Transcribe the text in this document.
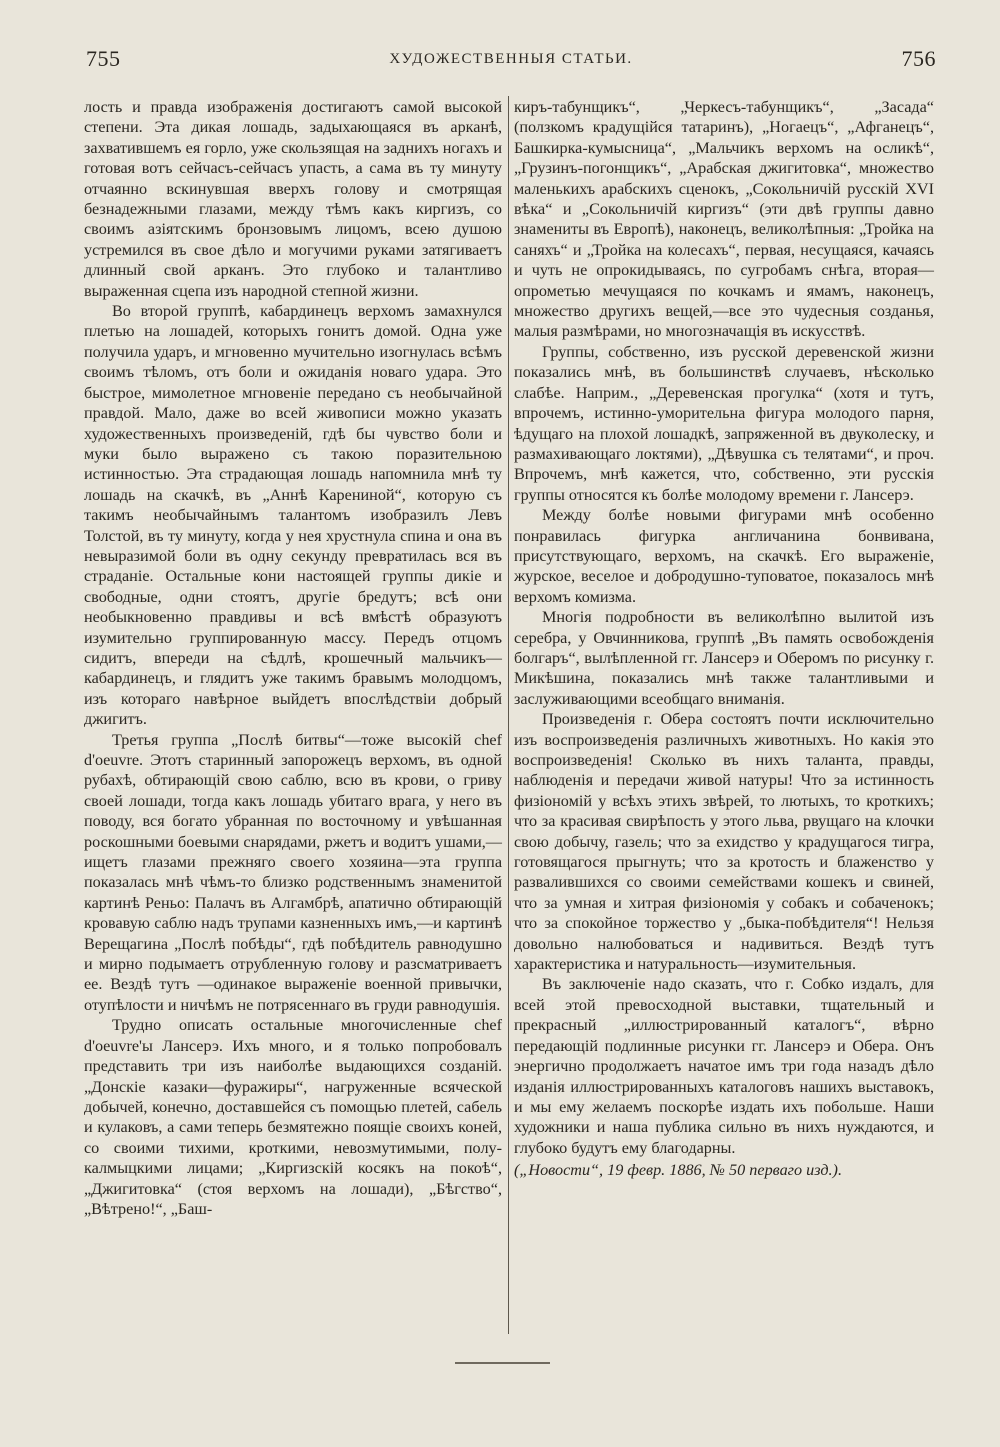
755	ХУДОЖЕСТВЕННЫЯ СТАТЬИ.	756

лость и правда изображенія достигаютъ самой высокой степени. Эта дикая лошадь, задыхающаяся въ арканѣ, захватившемъ ея горло, уже скользящая на заднихъ ногахъ и готовая вотъ сейчасъ-сейчасъ упасть, а сама въ ту минуту отчаянно вскинувшая вверхъ голову и смотрящая безнадежными глазами, между тѣмъ какъ киргизъ, со своимъ азіятскимъ бронзовымъ лицомъ, всею душою устремился въ свое дѣло и могучими руками затягиваетъ длинный свой арканъ. Это глубоко и талантливо выраженная сцепа изъ народной степной жизни.

Во второй группѣ, кабардинецъ верхомъ замахнулся плетью на лошадей, которыхъ гонитъ домой. Одна уже получила ударъ, и мгновенно мучительно изогнулась всѣмъ своимъ тѣломъ, отъ боли и ожиданія новаго удара. Это быстрое, мимолетное мгновеніе передано съ необычайной правдой. Мало, даже во всей живописи можно указать художественныхъ произведеній, гдѣ бы чувство боли и муки было выражено съ такою поразительною истинностью. Эта страдающая лошадь напомнила мнѣ ту лошадь на скачкѣ, въ „Аннѣ Карениной“, которую съ такимъ необычайнымъ талантомъ изобразилъ Левъ Толстой, въ ту минуту, когда у нея хрустнула спина и она въ невыразимой боли въ одну секунду превратилась вся въ страданіе. Остальные кони настоящей группы дикіе и свободные, одни стоятъ, другіе бредутъ; всѣ они необыкновенно правдивы и всѣ вмѣстѣ образуютъ изумительно группированную массу. Передъ отцомъ сидитъ, впереди на сѣдлѣ, крошечный мальчикъ—кабардинецъ, и глядитъ уже такимъ бравымъ молодцомъ, изъ котораго навѣрное выйдетъ впослѣдствіи добрый джигитъ.

Третья группа „Послѣ битвы“—тоже высокій chef d'oeuvre. Этотъ старинный запорожецъ верхомъ, въ одной рубахѣ, обтирающій свою саблю, всю въ крови, о гриву своей лошади, тогда какъ лошадь убитаго врага, у него въ поводу, вся богато убранная по восточному и увѣшанная роскошными боевыми снарядами, ржетъ и водитъ ушами,—ищетъ глазами прежняго своего хозяина—эта группа показалась мнѣ чѣмъ-то близко родственнымъ знаменитой картинѣ Реньо: Палачъ въ Алгамбрѣ, апатично обтирающій кровавую саблю надъ трупами казненныхъ имъ,—и картинѣ Верещагина „Послѣ побѣды“, гдѣ побѣдитель равнодушно и мирно подымаетъ отрубленную голову и разсматриваетъ ее. Вездѣ тутъ —одинакое выраженіе военной привычки, отупѣлости и ничѣмъ не потрясеннаго въ груди равнодушія.

Трудно описать остальные многочисленные chef d'oeuvre'ы Лансерэ. Ихъ много, и я только попробовалъ представить три изъ наиболѣе выдающихся созданій. „Донскіе казаки—фуражиры“, нагруженные всяческой добычей, конечно, доставшейся съ помощью плетей, сабель и кулаковъ, а сами теперь безмятежно поящіе своихъ коней, со своими тихими, кроткими, невозмутимыми, полу-калмыцкими лицами; „Киргизскій косякъ на покоѣ“, „Джигитовка“ (стоя верхомъ на лошади), „Бѣгство“, „Вѣтрено!“, „Баш-

киръ-табунщикъ“, „Черкесъ-табунщикъ“, „Засада“ (ползкомъ крадущійся татаринъ), „Ногаецъ“, „Афганецъ“, Башкирка-кумысница“, „Мальчикъ верхомъ на осликѣ“, „Грузинъ-погонщикъ“, „Арабская джигитовка“, множество маленькихъ арабскихъ сценокъ, „Сокольничій русскій XVI вѣка“ и „Сокольничій киргизъ“ (эти двѣ группы давно знамениты въ Европѣ), наконецъ, великолѣпныя: „Тройка на саняхъ“ и „Тройка на колесахъ“, первая, несущаяся, качаясь и чуть не опрокидываясь, по сугробамъ снѣга, вторая—опрометью мечущаяся по кочкамъ и ямамъ, наконецъ, множество другихъ вещей,—все это чудесныя созданья, малыя размѣрами, но многозначащія въ искусствѣ.

Группы, собственно, изъ русской деревенской жизни показались мнѣ, въ большинствѣ случаевъ, нѣсколько слабѣе. Наприм., „Деревенская прогулка“ (хотя и тутъ, впрочемъ, истинно-уморительна фигура молодого парня, ѣдущаго на плохой лошадкѣ, запряженной въ двуколеску, и размахивающаго локтями), „Дѣвушка съ телятами“, и проч. Впрочемъ, мнѣ кажется, что, собственно, эти русскія группы относятся къ болѣе молодому времени г. Лансерэ.

Между болѣе новыми фигурами мнѣ особенно понравилась фигурка англичанина бонвивана, присутствующаго, верхомъ, на скачкѣ. Его выраженіе, журское, веселое и добродушно-туповатое, показалось мнѣ верхомъ комизма.

Многія подробности въ великолѣпно вылитой изъ серебра, у Овчинникова, группѣ „Въ память освобожденія болгаръ“, вылѣпленной гг. Лансерэ и Оберомъ по рисунку г. Микѣшина, показались мнѣ также талантливыми и заслуживающими всеобщаго вниманія.

Произведенія г. Обера состоятъ почти исключительно изъ воспроизведенія различныхъ животныхъ. Но какія это воспроизведенія! Сколько въ нихъ таланта, правды, наблюденія и передачи живой натуры! Что за истинность физіономій у всѣхъ этихъ звѣрей, то лютыхъ, то кроткихъ; что за красивая свирѣпость у этого льва, рвущаго на клочки свою добычу, газель; что за ехидство у крадущагося тигра, готовящагося прыгнуть; что за кротость и блаженство у развалившихся со своими семействами кошекъ и свиней, что за умная и хитрая физіономія у собакъ и собаченокъ; что за спокойное торжество у „быка-побѣдителя“! Нельзя довольно налюбоваться и надивиться. Вездѣ тутъ характеристика и натуральность—изумительныя.

Въ заключеніе надо сказать, что г. Собко издалъ, для всей этой превосходной выставки, тщательный и прекрасный „иллюстрированный каталогъ“, вѣрно передающій подлинные рисунки гг. Лансерэ и Обера. Онъ энергично продолжаетъ начатое имъ три года назадъ дѣло изданія иллюстрированныхъ каталоговъ нашихъ выставокъ, и мы ему желаемъ поскорѣе издать ихъ побольше. Наши художники и наша публика сильно въ нихъ нуждаются, и глубоко будутъ ему благодарны.

(„Новости“, 19 февр. 1886, № 50 перваго изд.).
